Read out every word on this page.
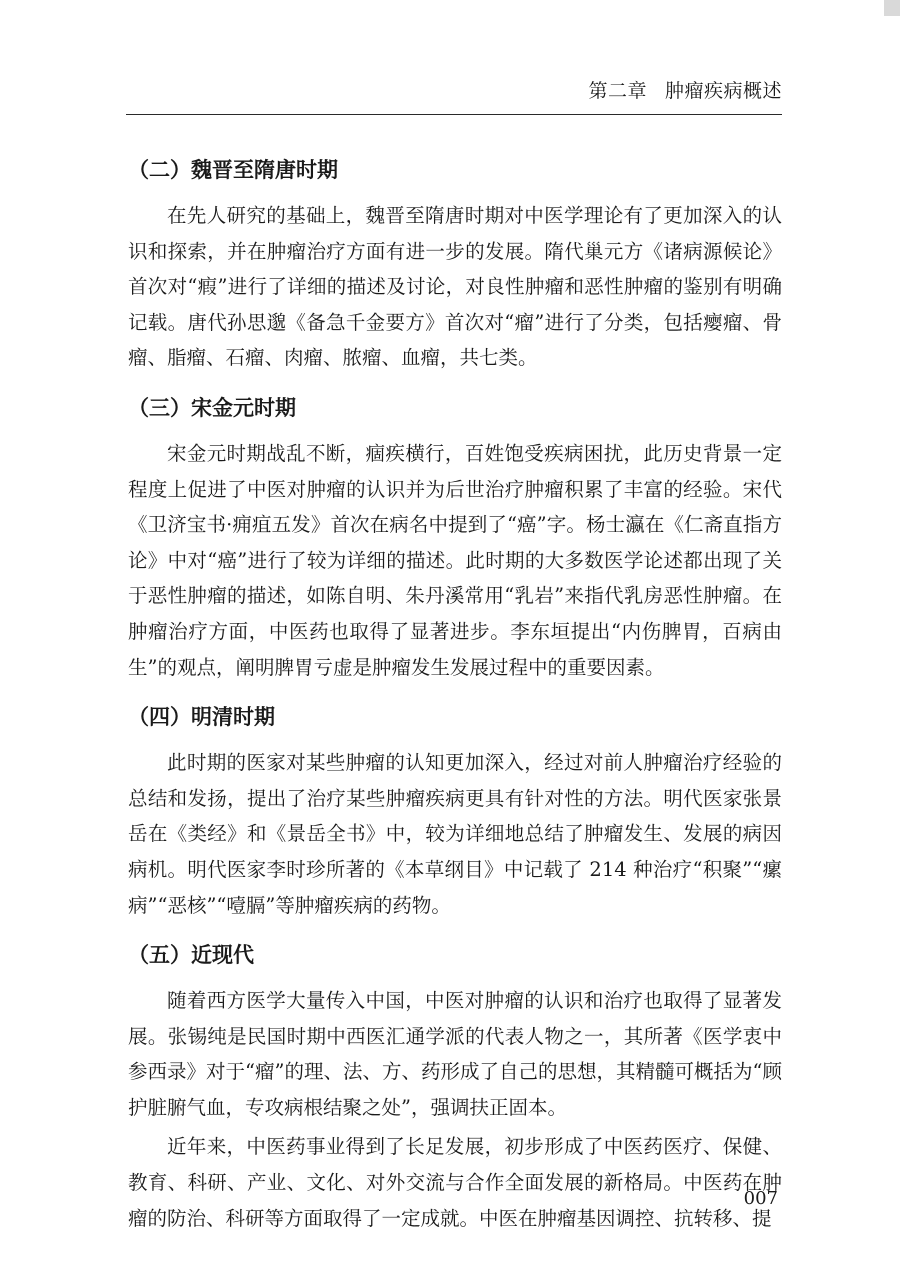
第二章 肿瘤疾病概述
（二）魏晋至隋唐时期

在先人研究的基础上，魏晋至隋唐时期对中医学理论有了更加深入的认识和探索，并在肿瘤治疗方面有进一步的发展。隋代巢元方《诸病源候论》首次对“瘕”进行了详细的描述及讨论，对良性肿瘤和恶性肿瘤的鉴别有明确记载。唐代孙思邈《备急千金要方》首次对“瘤”进行了分类，包括瘿瘤、骨瘤、脂瘤、石瘤、肉瘤、脓瘤、血瘤，共七类。

（三）宋金元时期

宋金元时期战乱不断，痼疾横行，百姓饱受疾病困扰，此历史背景一定程度上促进了中医对肿瘤的认识并为后世治疗肿瘤积累了丰富的经验。宋代《卫济宝书·痈疽五发》首次在病名中提到了“癌”字。杨士瀛在《仁斋直指方论》中对“癌”进行了较为详细的描述。此时期的大多数医学论述都出现了关于恶性肿瘤的描述，如陈自明、朱丹溪常用“乳岩”来指代乳房恶性肿瘤。在肿瘤治疗方面，中医药也取得了显著进步。李东垣提出“内伤脾胃，百病由生”的观点，阐明脾胃亏虚是肿瘤发生发展过程中的重要因素。

（四）明清时期

此时期的医家对某些肿瘤的认知更加深入，经过对前人肿瘤治疗经验的总结和发扬，提出了治疗某些肿瘤疾病更具有针对性的方法。明代医家张景岳在《类经》和《景岳全书》中，较为详细地总结了肿瘤发生、发展的病因病机。明代医家李时珍所著的《本草纲目》中记载了 214 种治疗“积聚”“瘰病”“恶核”“噎膈”等肿瘤疾病的药物。

（五）近现代

随着西方医学大量传入中国，中医对肿瘤的认识和治疗也取得了显著发展。张锡纯是民国时期中西医汇通学派的代表人物之一，其所著《医学衷中参西录》对于“瘤”的理、法、方、药形成了自己的思想，其精髓可概括为“顾护脏腑气血，专攻病根结聚之处”，强调扶正固本。

近年来，中医药事业得到了长足发展，初步形成了中医药医疗、保健、教育、科研、产业、文化、对外交流与合作全面发展的新格局。中医药在肿瘤的防治、科研等方面取得了一定成就。中医在肿瘤基因调控、抗转移、提

007
